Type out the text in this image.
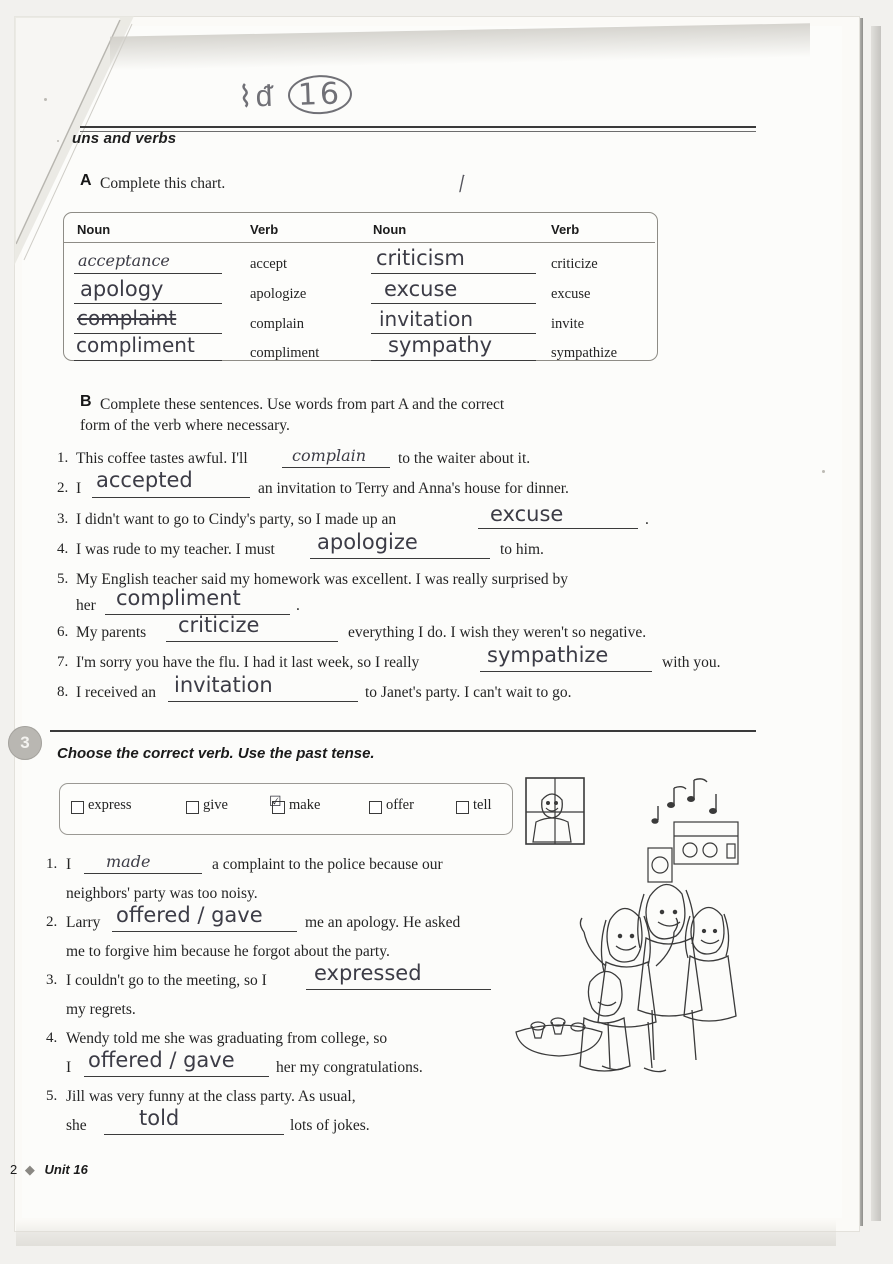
⌇ᵭ 16
丨
uns and verbs
A Complete this chart.
Noun	Verb	Noun	Verb
acceptance	accept	criticism	criticize
apology	apologize	excuse	excuse
complaint	complain	invitation	invite
compliment	compliment	sympathy	sympathize
B Complete these sentences. Use words from part A and the correct
form of the verb where necessary.
1. This coffee tastes awful. I'll	complain to the waiter about it.
2. I accepted	an invitation to Terry and Anna's house for dinner.
3. I didn't want to go to Cindy's party, so I made up an	excuse	.
4. I was rude to my teacher. I must apologize	to him.
5. My English teacher said my homework was excellent. I was really surprised by
her compliment	.
6. My parents criticize	everything I do. I wish they weren't so negative.
7. I'm sorry you have the flu. I had it last week, so I really	sympathize	with you.
8. I received an invitation	to Janet's party. I can't wait to go.
3
Choose the correct verb. Use the past tense.
express	give	☑ make	offer	tell
1. I made	a complaint to the police because our
neighbors' party was too noisy.
2. Larry offered / gave	me an apology. He asked
me to forgive him because he forgot about the party.
3. I couldn't go to the meeting, so I expressed
my regrets.
4. Wendy told me she was graduating from college, so
I offered / gave	her my congratulations.
5. Jill was very funny at the class party. As usual,
she told	lots of jokes.
2 ◆ Unit 16
